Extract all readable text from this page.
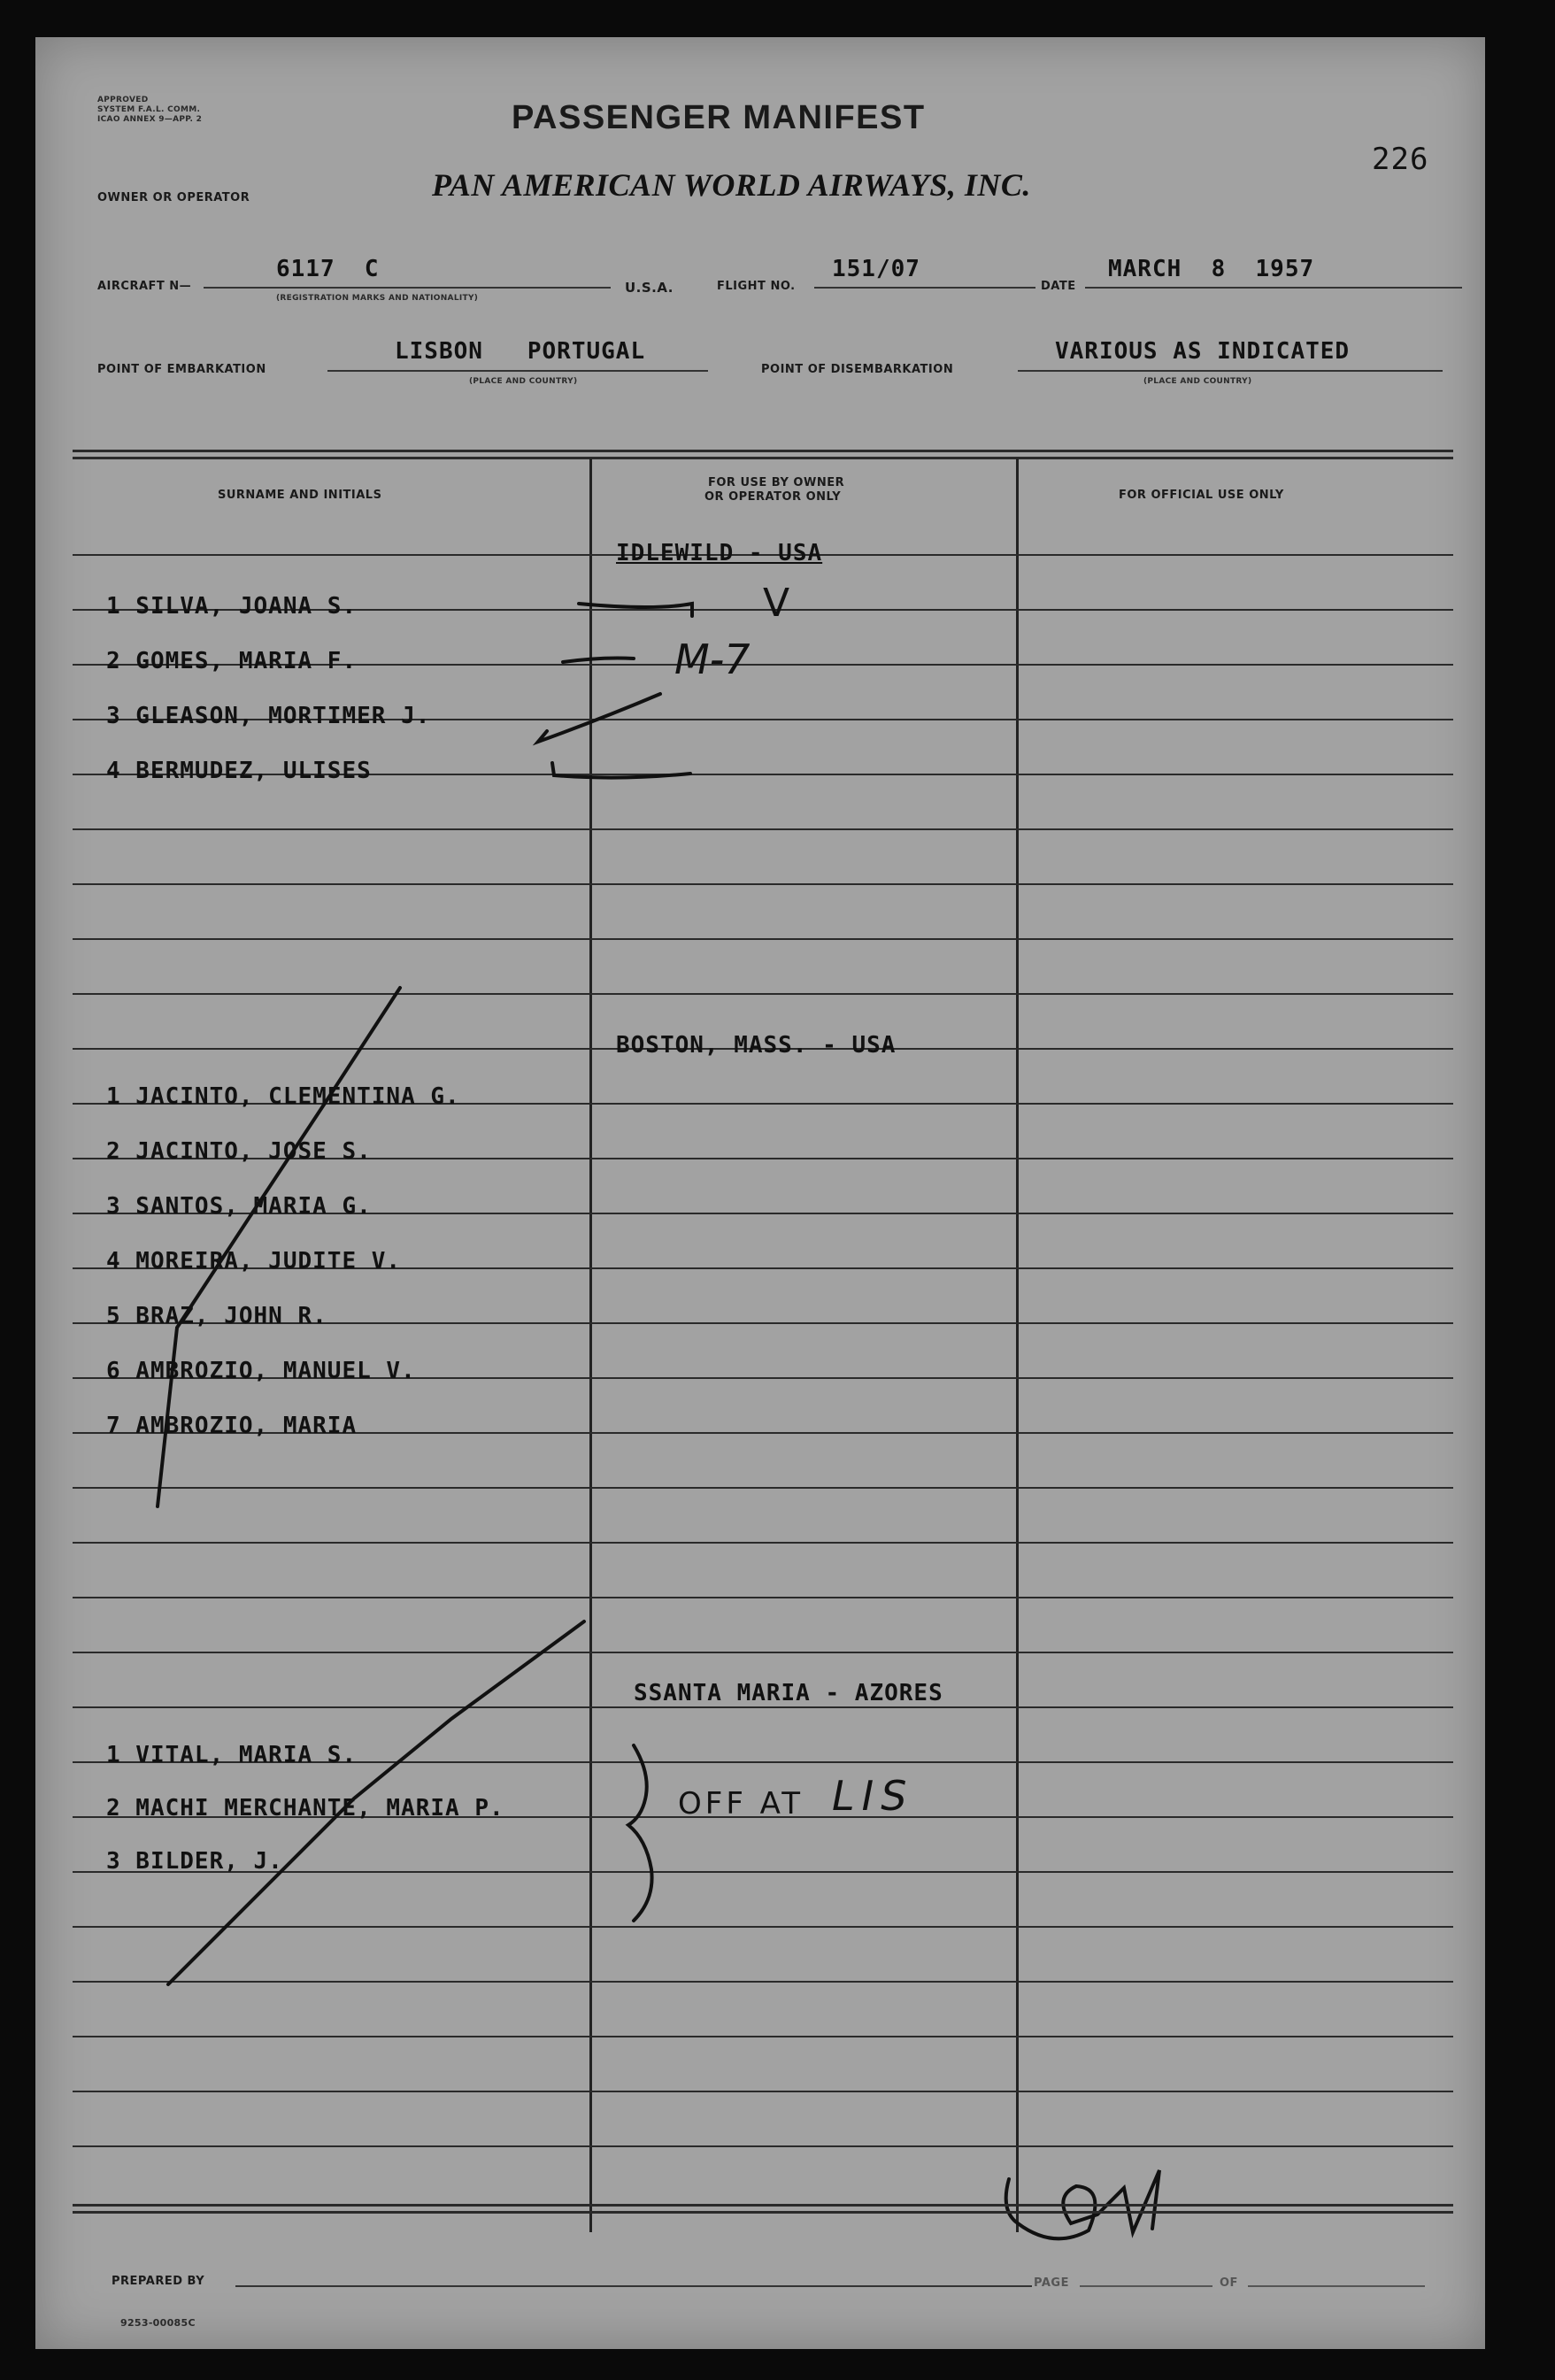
APPROVED
SYSTEM F.A.L. COMM.
ICAO ANNEX 9—APP. 2	PASSENGER MANIFEST
226
OWNER OR OPERATOR	PAN AMERICAN WORLD AIRWAYS, INC.
AIRCRAFT N—
6117  C
(REGISTRATION MARKS AND NATIONALITY)
U.S.A.	FLIGHT NO.
151/07
DATE
MARCH  8  1957
POINT OF EMBARKATION
LISBON   PORTUGAL
(PLACE AND COUNTRY)
POINT OF DISEMBARKATION
VARIOUS AS INDICATED
(PLACE AND COUNTRY)
SURNAME AND INITIALS
FOR USE BY OWNER
OR OPERATOR ONLY	FOR OFFICIAL USE ONLY
IDLEWILD - USA
1 SILVA, JOANA S.
2 GOMES, MARIA F.
3 GLEASON, MORTIMER J.
4 BERMUDEZ, ULISES
BOSTON, MASS. - USA
1 JACINTO, CLEMENTINA G.
2 JACINTO, JOSE S.
3 SANTOS, MARIA G.
4 MOREIRA, JUDITE V.
5 BRAZ, JOHN R.
6 AMBROZIO, MANUEL V.
7 AMBROZIO, MARIA
SSANTA MARIA - AZORES
1 VITAL, MARIA S.
2 MACHI MERCHANTE, MARIA P.
3 BILDER, J.
V
M-7
OFF AT LIS
PREPARED BY	PAGE	OF
9253-00085C
